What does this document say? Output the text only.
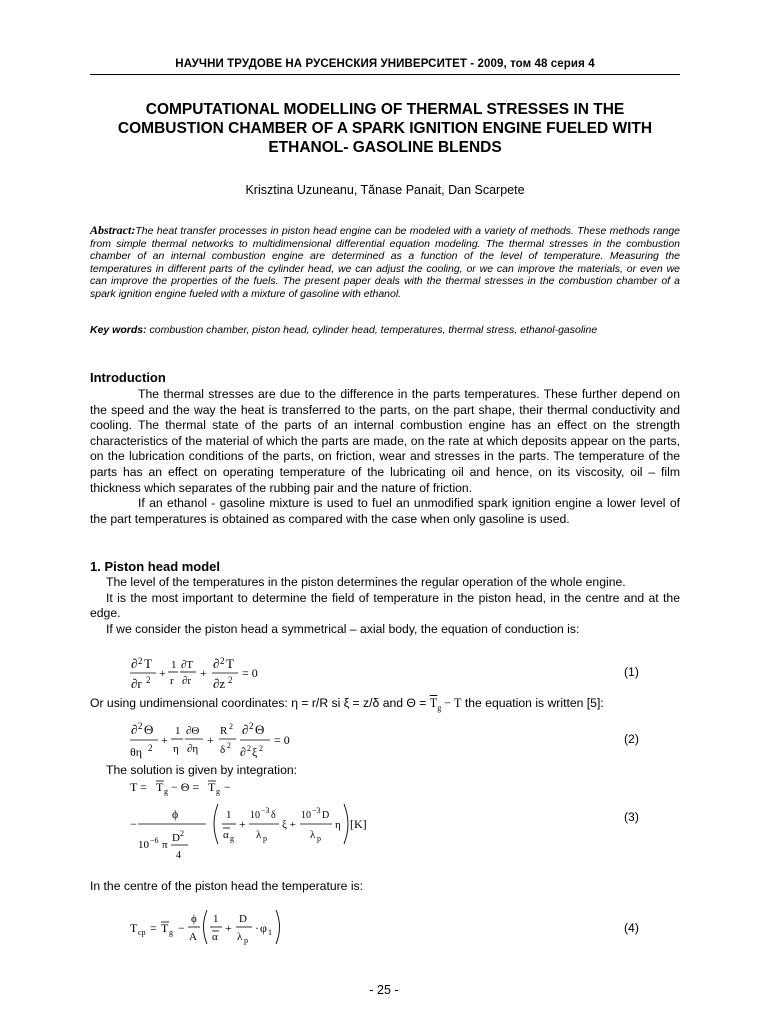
НАУЧНИ ТРУДОВЕ НА РУСЕНСКИЯ УНИВЕРСИТЕТ - 2009, том 48 серия 4
COMPUTATIONAL MODELLING OF THERMAL STRESSES IN THE
COMBUSTION CHAMBER OF A SPARK IGNITION ENGINE FUELED WITH
ETHANOL- GASOLINE BLENDS
Krisztina Uzuneanu, Tănase Panait, Dan Scarpete
Abstract:The heat transfer processes in piston head engine can be modeled with a variety of methods. These methods range from simple thermal networks to multidimensional differential equation modeling. The thermal stresses in the combustion chamber of an internal combustion engine are determined as a function of the level of temperature. Measuring the temperatures in different parts of the cylinder head, we can adjust the cooling, or we can improve the materials, or even we can improve the properties of the fuels. The present paper deals with the thermal stresses in the combustion chamber of a spark ignition engine fueled with a mixture of gasoline with ethanol.
Key words: combustion chamber, piston head, cylinder head, temperatures, thermal stress, ethanol-gasoline
Introduction

The thermal stresses are due to the difference in the parts temperatures. These further depend on the speed and the way the heat is transferred to the parts, on the part shape, their thermal conductivity and cooling. The thermal state of the parts of an internal combustion engine has an effect on the strength characteristics of the material of which the parts are made, on the rate at which deposits appear on the parts, on the lubrication conditions of the parts, on friction, wear and stresses in the parts. The temperature of the parts has an effect on operating temperature of the lubricating oil and hence, on its viscosity, oil – film thickness which separates of the rubbing pair and the nature of friction.

If an ethanol - gasoline mixture is used to fuel an unmodified spark ignition engine a lower level of the part temperatures is obtained as compared with the case when only gasoline is used.

1. Piston head model

The level of the temperatures in the piston determines the regular operation of the whole engine.

It is the most important to determine the field of temperature in the piston head, in the centre and at the edge.

If we consider the piston head a symmetrical – axial body, the equation of conduction is:

∂ 2 T
∂r 2 +
1
r
∂T
∂r
+
∂ 2 T
∂z 2 = 0	(1)
Or using undimensional coordinates: η = r/R si ξ = z/δ and $\Theta = \overline{T}_g - T$ the equation is written [5]:
∂ 2 Θ
θη 2
+
1
η
∂Θ
∂η
+
R 2
δ 2
∂ 2 Θ
∂ 2 ξ 2
= 0	(2)
The solution is given by integration:
T = T g − Θ = T g −
−
ϕ
10 −6 π
D 2
4
1
α g
+
10 −3 δ
λ p
ξ +
10 −3 D
λ p
η [K]	(3)
In the centre of the piston head the temperature is:
T cp = T g −
ϕ
A
1
α
+
D
λ p
· φ 1	(4)
- 25 -
